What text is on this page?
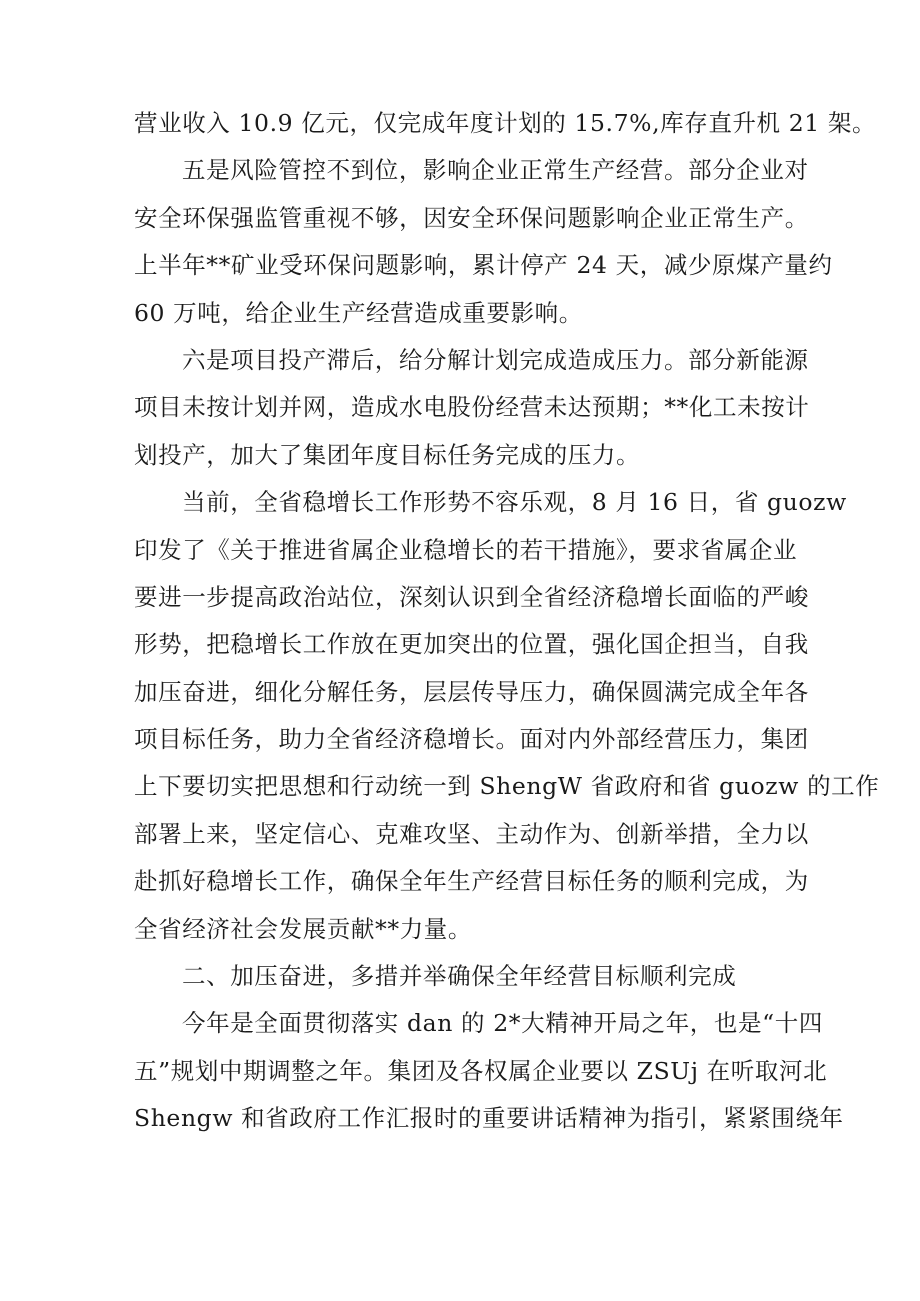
营业收入 10.9 亿元，仅完成年度计划的 15.7%,库存直升机 21 架。
五是风险管控不到位，影响企业正常生产经营。部分企业对
安全环保强监管重视不够，因安全环保问题影响企业正常生产。
上半年**矿业受环保问题影响，累计停产 24 天，减少原煤产量约
60 万吨，给企业生产经营造成重要影响。
六是项目投产滞后，给分解计划完成造成压力。部分新能源
项目未按计划并网，造成水电股份经营未达预期；**化工未按计
划投产，加大了集团年度目标任务完成的压力。
当前，全省稳增长工作形势不容乐观，8 月 16 日，省 guozw
印发了《关于推进省属企业稳增长的若干措施》，要求省属企业
要进一步提高政治站位，深刻认识到全省经济稳增长面临的严峻
形势，把稳增长工作放在更加突出的位置，强化国企担当，自我
加压奋进，细化分解任务，层层传导压力，确保圆满完成全年各
项目标任务，助力全省经济稳增长。面对内外部经营压力，集团
上下要切实把思想和行动统一到 ShengW 省政府和省 guozw 的工作
部署上来，坚定信心、克难攻坚、主动作为、创新举措，全力以
赴抓好稳增长工作，确保全年生产经营目标任务的顺利完成，为
全省经济社会发展贡献**力量。
二、加压奋进，多措并举确保全年经营目标顺利完成
今年是全面贯彻落实 dan 的 2*大精神开局之年，也是“十四
五”规划中期调整之年。集团及各权属企业要以 ZSUj 在听取河北
Shengw 和省政府工作汇报时的重要讲话精神为指引，紧紧围绕年
